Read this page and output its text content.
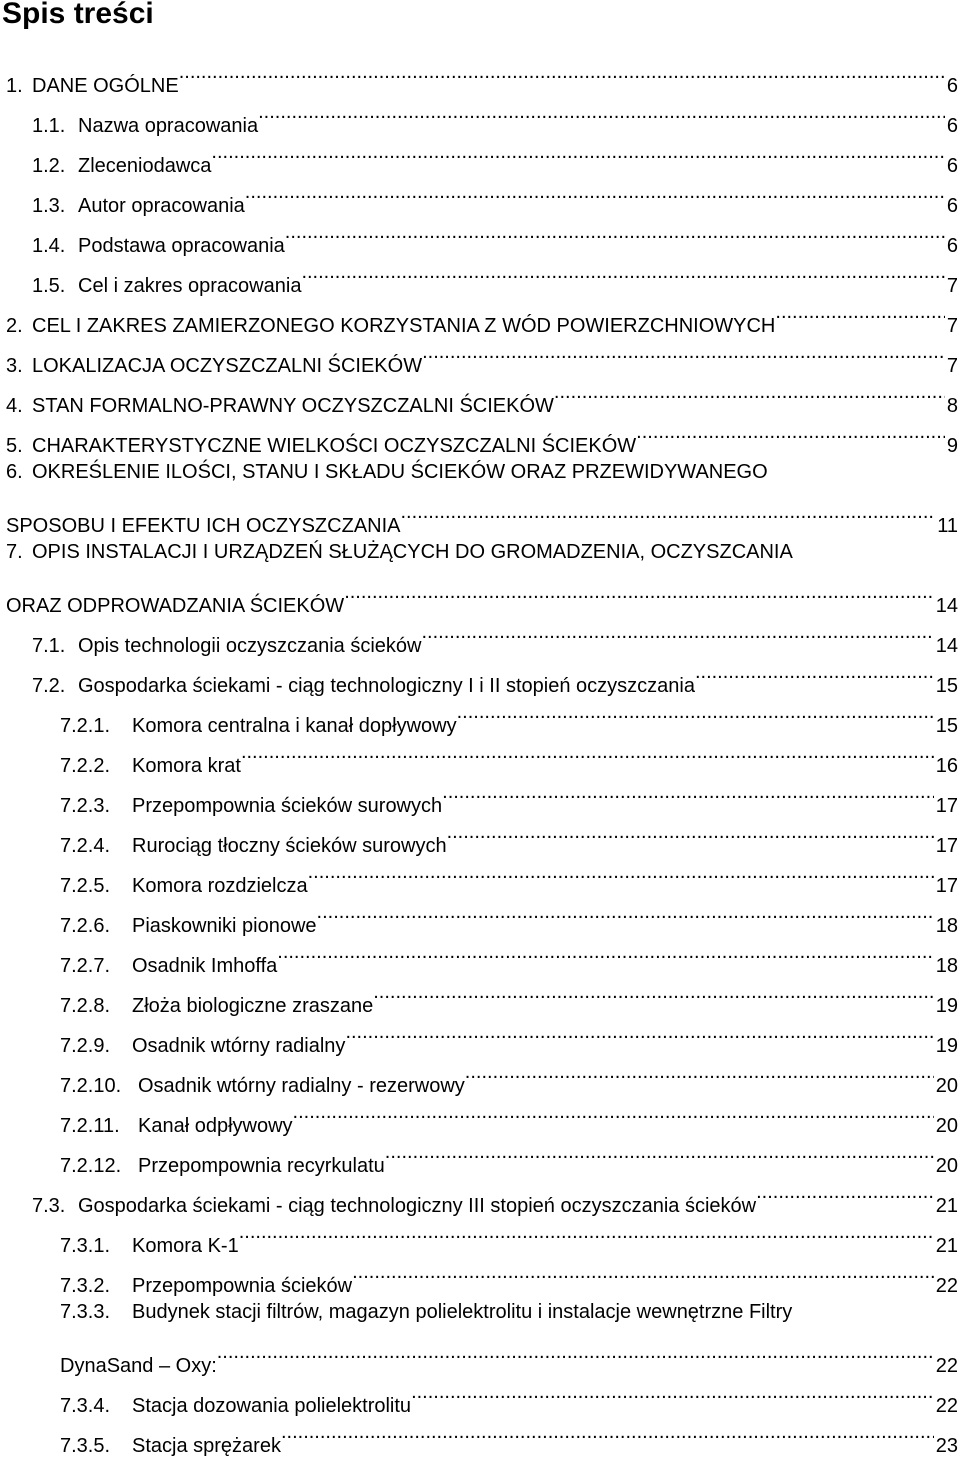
Spis treści
1. DANE OGÓLNE .....	6
1.1. Nazwa opracowania .....	6
1.2. Zleceniodawca .....	6
1.3. Autor opracowania .....	6
1.4. Podstawa opracowania .....	6
1.5. Cel i zakres opracowania .....	7
2. CEL I ZAKRES ZAMIERZONEGO KORZYSTANIA Z WÓD POWIERZCHNIOWYCH .....	7
3. LOKALIZACJA OCZYSZCZALNI ŚCIEKÓW .....	7
4. STAN FORMALNO-PRAWNY OCZYSZCZALNI ŚCIEKÓW .....	8
5. CHARAKTERYSTYCZNE WIELKOŚCI OCZYSZCZALNI ŚCIEKÓW .....	9
6. OKREŚLENIE ILOŚCI, STANU I SKŁADU ŚCIEKÓW ORAZ PRZEWIDYWANEGO
SPOSOBU I EFEKTU ICH OCZYSZCZANIA .....	11
7. OPIS INSTALACJI I URZĄDZEŃ SŁUŻĄCYCH DO GROMADZENIA, OCZYSZCANIA
ORAZ ODPROWADZANIA ŚCIEKÓW .....	14
7.1. Opis technologii oczyszczania ścieków .....	14
7.2. Gospodarka ściekami - ciąg technologiczny I i II stopień oczyszczania .....	15
7.2.1.	Komora centralna i kanał dopływowy .....	15
7.2.2.	Komora krat .....	16
7.2.3.	Przepompownia ścieków surowych .....	17
7.2.4.	Rurociąg tłoczny ścieków surowych .....	17
7.2.5.	Komora rozdzielcza .....	17
7.2.6.	Piaskowniki pionowe .....	18
7.2.7.	Osadnik Imhoffa .....	18
7.2.8.	Złoża biologiczne zraszane .....	19
7.2.9.	Osadnik wtórny radialny .....	19
7.2.10. Osadnik wtórny radialny - rezerwowy .....	20
7.2.11. Kanał odpływowy .....	20
7.2.12. Przepompownia recyrkulatu .....	20
7.3. Gospodarka ściekami - ciąg technologiczny III stopień oczyszczania ścieków .....	21
7.3.1.	Komora K-1 .....	21
7.3.2.	Przepompownia ścieków .....	22
7.3.3. Budynek stacji filtrów, magazyn polielektrolitu i instalacje wewnętrzne Filtry
DynaSand – Oxy: .....	22
7.3.4.	Stacja dozowania polielektrolitu .....	22
7.3.5.	Stacja sprężarek .....	23
